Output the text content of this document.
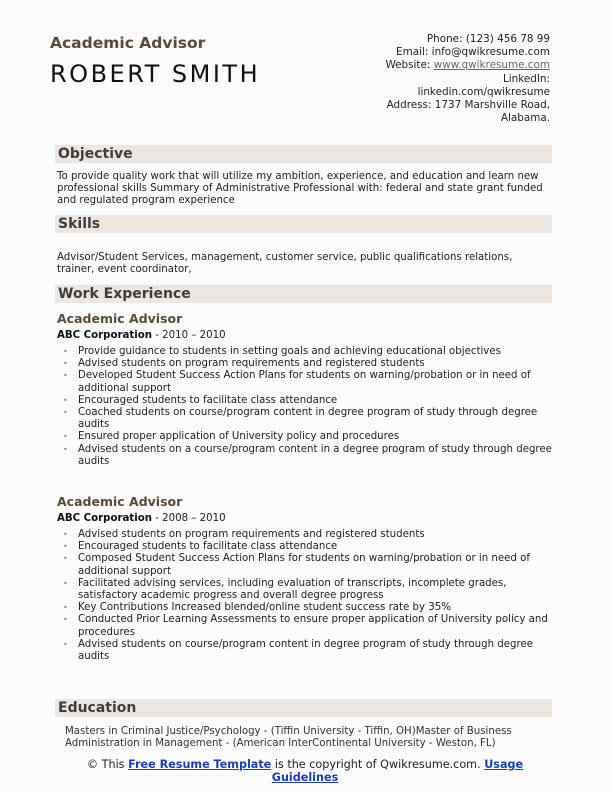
Academic Advisor
ROBERT SMITH
Phone: (123) 456 78 99
Email: info@qwikresume.com
Website: www.qwikresume.com
LinkedIn:
linkedin.com/qwikresume
Address: 1737 Marshville Road,
Alabama.
Objective
To provide quality work that will utilize my ambition, experience, and education and learn new professional skills Summary of Administrative Professional with: federal and state grant funded and regulated program experience
Skills
Advisor/Student Services, management, customer service, public qualifications relations, trainer, event coordinator,
Work Experience
Academic Advisor
ABC Corporation - 2010 – 2010
• Provide guidance to students in setting goals and achieving educational objectives
• Advised students on program requirements and registered students
• Developed Student Success Action Plans for students on warning/probation or in need of additional support
• Encouraged students to facilitate class attendance
• Coached students on course/program content in degree program of study through degree audits
• Ensured proper application of University policy and procedures
• Advised students on a course/program content in a degree program of study through degree audits
Academic Advisor
ABC Corporation - 2008 – 2010
• Advised students on program requirements and registered students
• Encouraged students to facilitate class attendance
• Composed Student Success Action Plans for students on warning/probation or in need of additional support
• Facilitated advising services, including evaluation of transcripts, incomplete grades, satisfactory academic progress and overall degree progress
• Key Contributions Increased blended/online student success rate by 35%
• Conducted Prior Learning Assessments to ensure proper application of University policy and procedures
• Advised students on course/program content in degree program of study through degree audits
Education
Masters in Criminal Justice/Psychology - (Tiffin University - Tiffin, OH)Master of Business Administration in Management - (American InterContinental University - Weston, FL)
© This Free Resume Template is the copyright of Qwikresume.com. Usage Guidelines
